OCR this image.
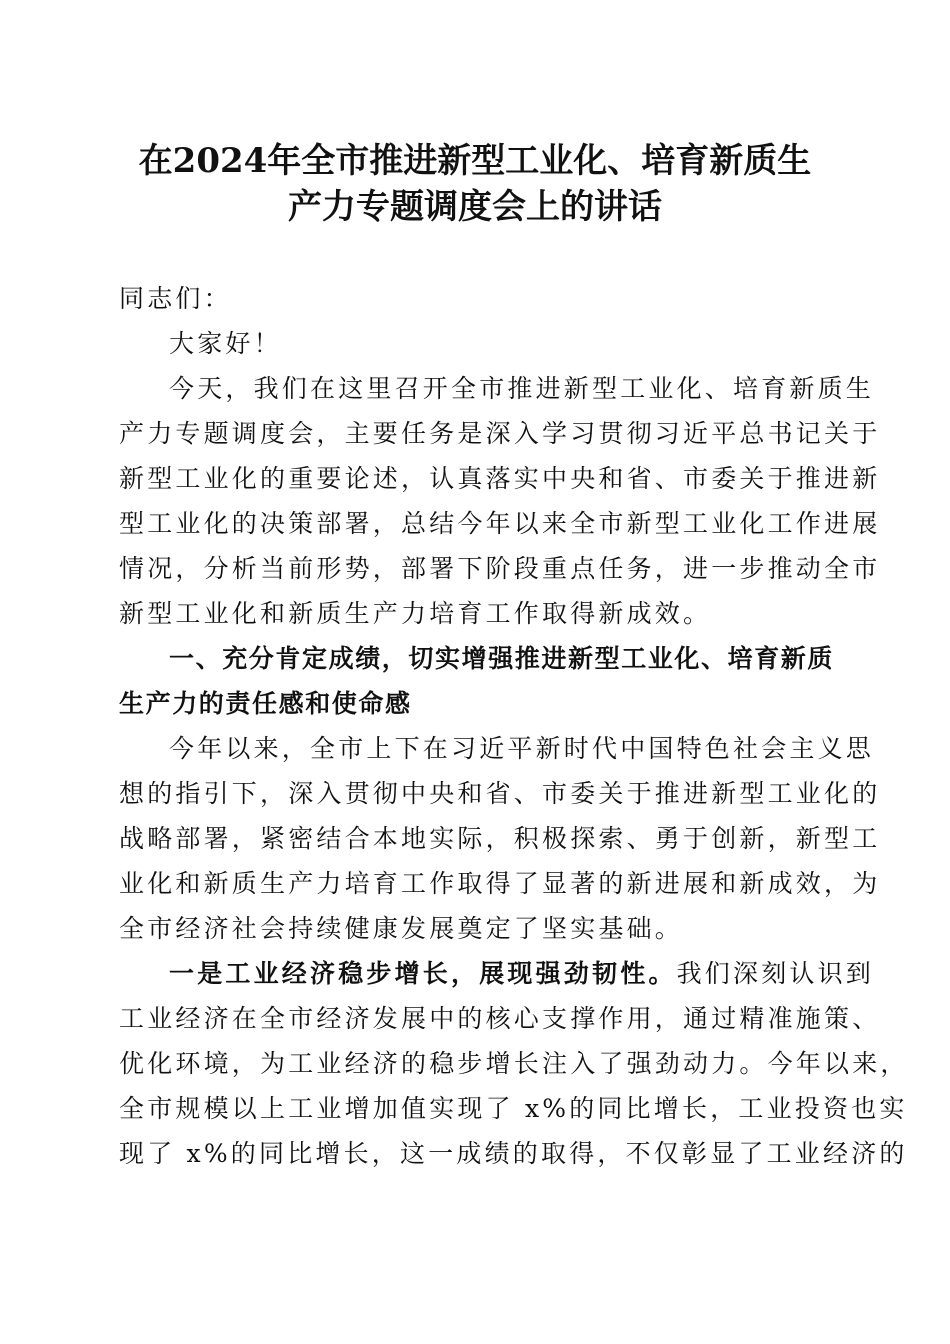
在2024年全市推进新型工业化、培育新质生
产力专题调度会上的讲话
同志们：
大家好！
今天，我们在这里召开全市推进新型工业化、培育新质生
产力专题调度会，主要任务是深入学习贯彻习近平总书记关于
新型工业化的重要论述，认真落实中央和省、市委关于推进新
型工业化的决策部署，总结今年以来全市新型工业化工作进展
情况，分析当前形势，部署下阶段重点任务，进一步推动全市
新型工业化和新质生产力培育工作取得新成效。
一、充分肯定成绩，切实增强推进新型工业化、培育新质
生产力的责任感和使命感
今年以来，全市上下在习近平新时代中国特色社会主义思
想的指引下，深入贯彻中央和省、市委关于推进新型工业化的
战略部署，紧密结合本地实际，积极探索、勇于创新，新型工
业化和新质生产力培育工作取得了显著的新进展和新成效，为
全市经济社会持续健康发展奠定了坚实基础。
一是工业经济稳步增长，展现强劲韧性。我们深刻认识到
工业经济在全市经济发展中的核心支撑作用，通过精准施策、
优化环境，为工业经济的稳步增长注入了强劲动力。今年以来，
全市规模以上工业增加值实现了 x%的同比增长，工业投资也实
现了 x%的同比增长，这一成绩的取得，不仅彰显了工业经济的
